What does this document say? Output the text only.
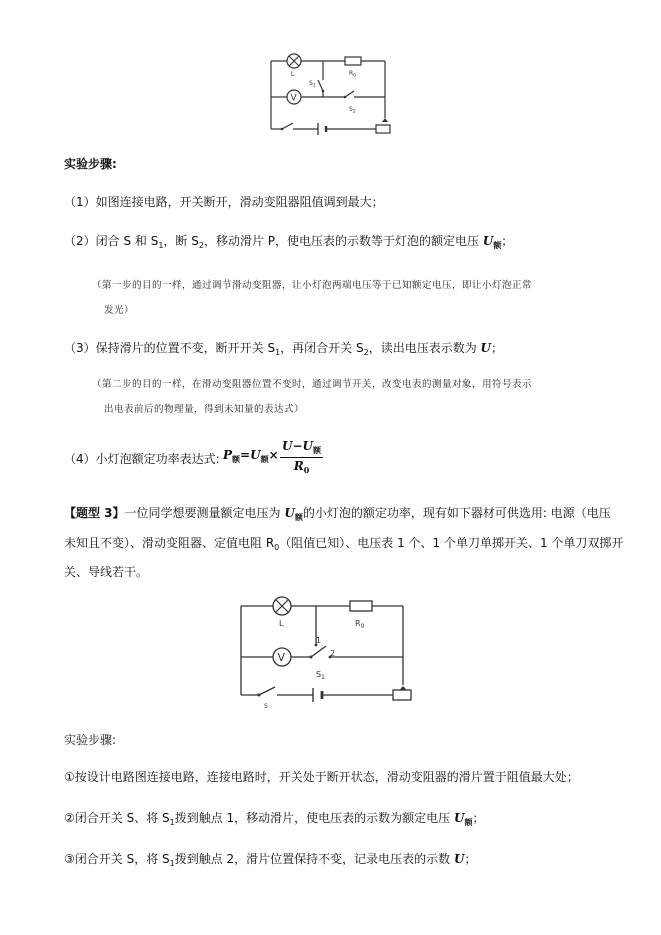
V
L	$R_0$
$S_1$
$S_2$
实验步骤:
（1）如图连接电路，开关断开，滑动变阻器阻值调到最大；
（2）闭合 S 和 $S_1$，断 $S_2$，移动滑片 P，使电压表的示数等于灯泡的额定电压 $U_额$；
（第一步的目的一样，通过调节滑动变阻器，让小灯泡两端电压等于已知额定电压，即让小灯泡正常
发光）
（3）保持滑片的位置不变，断开开关 $S_1$，再闭合开关 $S_2$，读出电压表示数为 U；
（第二步的目的一样，在滑动变阻器位置不变时，通过调节开关，改变电表的测量对象，用符号表示
出电表前后的物理量，得到未知量的表达式）
（4）小灯泡额定功率表达式: $P_额=U_额\times$
$U-U_额$
$R_0$
【题型 3】一位同学想要测量额定电压为 $U_额$的小灯泡的额定功率，现有如下器材可供选用: 电源（电压
未知且不变）、滑动变阻器、定值电阻 $R_0$（阻值已知）、电压表 1 个、1 个单刀单掷开关、1 个单刀双掷开
关、导线若干。
V
L	$R_0$
1
2
$S_1$
S
实验步骤:
①按设计电路图连接电路，连接电路时，开关处于断开状态，滑动变阻器的滑片置于阻值最大处；
②闭合开关 S、将 $S_1$拨到触点 1，移动滑片，使电压表的示数为额定电压 $U_额$；
③闭合开关 S，将 $S_1$拨到触点 2，滑片位置保持不变，记录电压表的示数 U；
